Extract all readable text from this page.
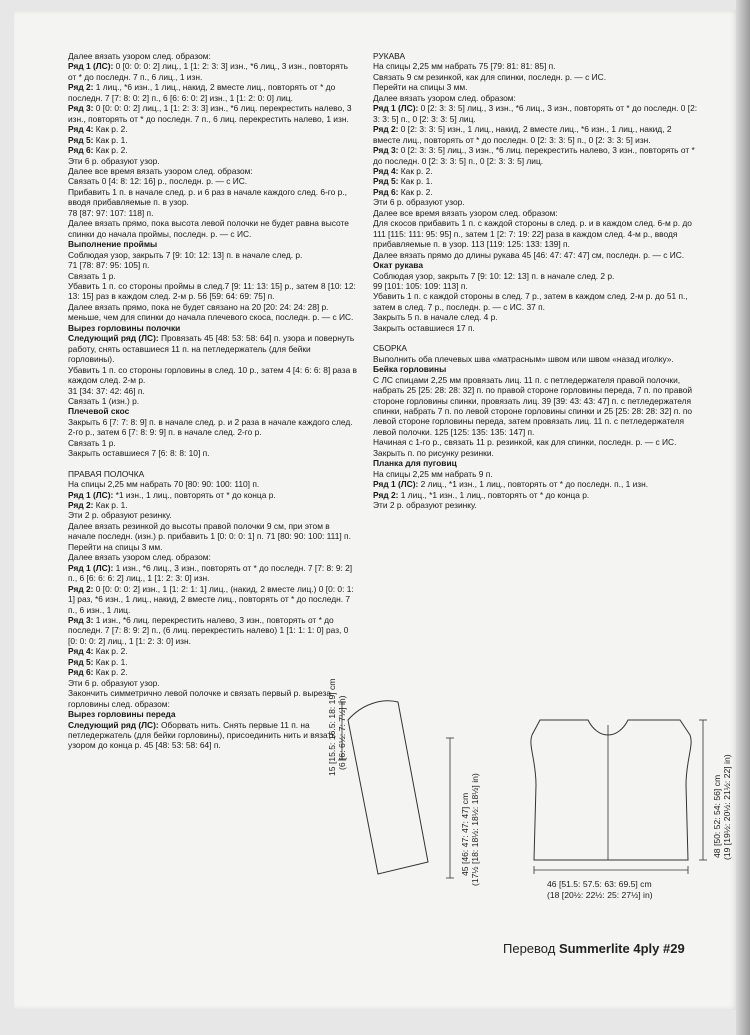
Далее вязать узором след. образом:

Ряд 1 (ЛС): 0 [0: 0: 0: 2] лиц., 1 [1: 2: 3: 3] изн., *6 лиц., 3 изн., повторять от * до последн. 7 п., 6 лиц., 1 изн.

Ряд 2: 1 лиц., *6 изн., 1 лиц., накид, 2 вместе лиц., повторять от * до последн. 7 [7: 8: 0: 2] п., 6 [6: 6: 0: 2] изн., 1 [1: 2: 0: 0] лиц.

Ряд 3: 0 [0: 0: 0: 2] лиц., 1 [1: 2: 3: 3] изн., *6 лиц. перекрестить налево, 3 изн., повторять от * до последн. 7 п., 6 лиц. перекрестить налево, 1 изн.

Ряд 4: Как р. 2.

Ряд 5: Как р. 1.

Ряд 6: Как р. 2.

Эти 6 р. образуют узор.

Далее все время вязать узором след. образом:

Связать 0 [4: 8: 12: 16] р., последн. р. — с ИС.

Прибавить 1 п. в начале след. р. и 6 раз в начале каждого след. 6-го р., вводя прибавляемые п. в узор.

78 [87: 97: 107: 118] п.

Далее вязать прямо, пока высота левой полочки не будет равна высоте спинки до начала проймы, последн. р. — с ИС.

Выполнение проймы

Соблюдая узор, закрыть 7 [9: 10: 12: 13] п. в начале след. р.

71 [78: 87: 95: 105] п.

Связать 1 р.

Убавить 1 п. со стороны проймы в след.7 [9: 11: 13: 15] р., затем 8 [10: 12: 13: 15] раз в каждом след. 2-м р. 56 [59: 64: 69: 75] п.

Далее вязать прямо, пока не будет связано на 20 [20: 24: 24: 28] р. меньше, чем для спинки до начала плечевого скоса, последн. р. — с ИС.

Вырез горловины полочки

Следующий ряд (ЛС): Провязать 45 [48: 53: 58: 64] п. узора и повернуть работу, снять оставшиеся 11 п. на петледержатель (для бейки горловины).

Убавить 1 п. со стороны горловины в след. 10 р., затем 4 [4: 6: 6: 8] раза в каждом след. 2-м р.

31 [34: 37: 42: 46] п.

Связать 1 (изн.) р.

Плечевой скос

Закрыть 6 [7: 7: 8: 9] п. в начале след. р. и 2 раза в начале каждого след. 2-го р., затем 6 [7: 8: 9: 9] п. в начале след. 2-го р.

Связать 1 р.

Закрыть оставшиеся 7 [6: 8: 8: 10] п.

ПРАВАЯ ПОЛОЧКА

На спицы 2,25 мм набрать 70 [80: 90: 100: 110] п.

Ряд 1 (ЛС): *1 изн., 1 лиц., повторять от * до конца р.

Ряд 2: Как р. 1.

Эти 2 р. образуют резинку.

Далее вязать резинкой до высоты правой полочки 9 см, при этом в начале последн. (изн.) р. прибавить 1 [0: 0: 0: 1] п. 71 [80: 90: 100: 111] п.

Перейти на спицы 3 мм.

Далее вязать узором след. образом:

Ряд 1 (ЛС): 1 изн., *6 лиц., 3 изн., повторять от * до последн. 7 [7: 8: 9: 2] п., 6 [6: 6: 6: 2] лиц., 1 [1: 2: 3: 0] изн.

Ряд 2: 0 [0: 0: 0: 2] изн., 1 [1: 2: 1: 1] лиц., (накид, 2 вместе лиц.) 0 [0: 0: 1: 1] раз, *6 изн., 1 лиц., накид, 2 вместе лиц., повторять от * до последн. 7 п., 6 изн., 1 лиц.

Ряд 3: 1 изн., *6 лиц. перекрестить налево, 3 изн., повторять от * до последн. 7 [7: 8: 9: 2] п., (6 лиц. перекрестить налево) 1 [1: 1: 1: 0] раз, 0 [0: 0: 0: 2] лиц., 1 [1: 2: 3: 0] изн.

Ряд 4: Как р. 2.

Ряд 5: Как р. 1.

Ряд 6: Как р. 2.

Эти 6 р. образуют узор.

Закончить симметрично левой полочке и связать первый р. выреза горловины след. образом:

Вырез горловины переда

Следующий ряд (ЛС): Оборвать нить. Снять первые 11 п. на петледержатель (для бейки горловины), присоединить нить и вязать узором до конца р. 45 [48: 53: 58: 64] п.

РУКАВА

На спицы 2,25 мм набрать 75 [79: 81: 81: 85] п.

Связать 9 см резинкой, как для спинки, последн. р. — с ИС.

Перейти на спицы 3 мм.

Далее вязать узором след. образом:

Ряд 1 (ЛС): 0 [2: 3: 3: 5] лиц., 3 изн., *6 лиц., 3 изн., повторять от * до последн. 0 [2: 3: 3: 5] п., 0 [2: 3: 3: 5] лиц.

Ряд 2: 0 [2: 3: 3: 5] изн., 1 лиц., накид, 2 вместе лиц., *6 изн., 1 лиц., накид, 2 вместе лиц., повторять от * до последн. 0 [2: 3: 3: 5] п., 0 [2: 3: 3: 5] изн.

Ряд 3: 0 [2: 3: 3: 5] лиц., 3 изн., *6 лиц. перекрестить налево, 3 изн., повторять от * до последн. 0 [2: 3: 3: 5] п., 0 [2: 3: 3: 5] лиц.

Ряд 4: Как р. 2.

Ряд 5: Как р. 1.

Ряд 6: Как р. 2.

Эти 6 р. образуют узор.

Далее все время вязать узором след. образом:

Для скосов прибавить 1 п. с каждой стороны в след. р. и в каждом след. 6-м р. до 111 [115: 111: 95: 95] п., затем 1 [2: 7: 19: 22] раза в каждом след. 4-м р., вводя прибавляемые п. в узор. 113 [119: 125: 133: 139] п.

Далее вязать прямо до длины рукава 45 [46: 47: 47: 47] см, последн. р. — с ИС.

Окат рукава

Соблюдая узор, закрыть 7 [9: 10: 12: 13] п. в начале след. 2 р.

99 [101: 105: 109: 113] п.

Убавить 1 п. с каждой стороны в след. 7 р., затем в каждом след. 2-м р. до 51 п., затем в след. 7 р., последн. р. — с ИС. 37 п.

Закрыть 5 п. в начале след. 4 р.

Закрыть оставшиеся 17 п.

СБОРКА

Выполнить оба плечевых шва «матрасным» швом или швом «назад иголку».

Бейка горловины

С ЛС спицами 2,25 мм провязать лиц. 11 п. с петледержателя правой полочки, набрать 25 [25: 28: 28: 32] п. по правой стороне горловины переда, 7 п. по правой стороне горловины спинки, провязать лиц. 39 [39: 43: 43: 47] п. с петледержателя спинки, набрать 7 п. по левой стороне горловины спинки и 25 [25: 28: 28: 32] п. по левой стороне горловины переда, затем провязать лиц. 11 п. с петледержателя левой полочки. 125 [125: 135: 135: 147] п.

Начиная с 1-го р., связать 11 р. резинкой, как для спинки, последн. р. — с ИС.

Закрыть п. по рисунку резинки.

Планка для пуговиц

На спицы 2,25 мм набрать 9 п.

Ряд 1 (ЛС): 2 лиц., *1 изн., 1 лиц., повторять от * до последн. п., 1 изн.

Ряд 2: 1 лиц., *1 изн., 1 лиц., повторять от * до конца р.

Эти 2 р. образуют резинку.

15 [15.5: 16.5: 18: 19] cm (6 [6: 6½: 7: 7½] in)
45 [46: 47: 47: 47] cm (17½ [18: 18½: 18½: 18½] in)	46 [51.5: 57.5: 63: 69.5] cm
(18 [20½: 22½: 25: 27½] in)
48 [50: 52: 54: 56] cm (19 [19½: 20½: 21½: 22] in)
Перевод Summerlite 4ply #29
